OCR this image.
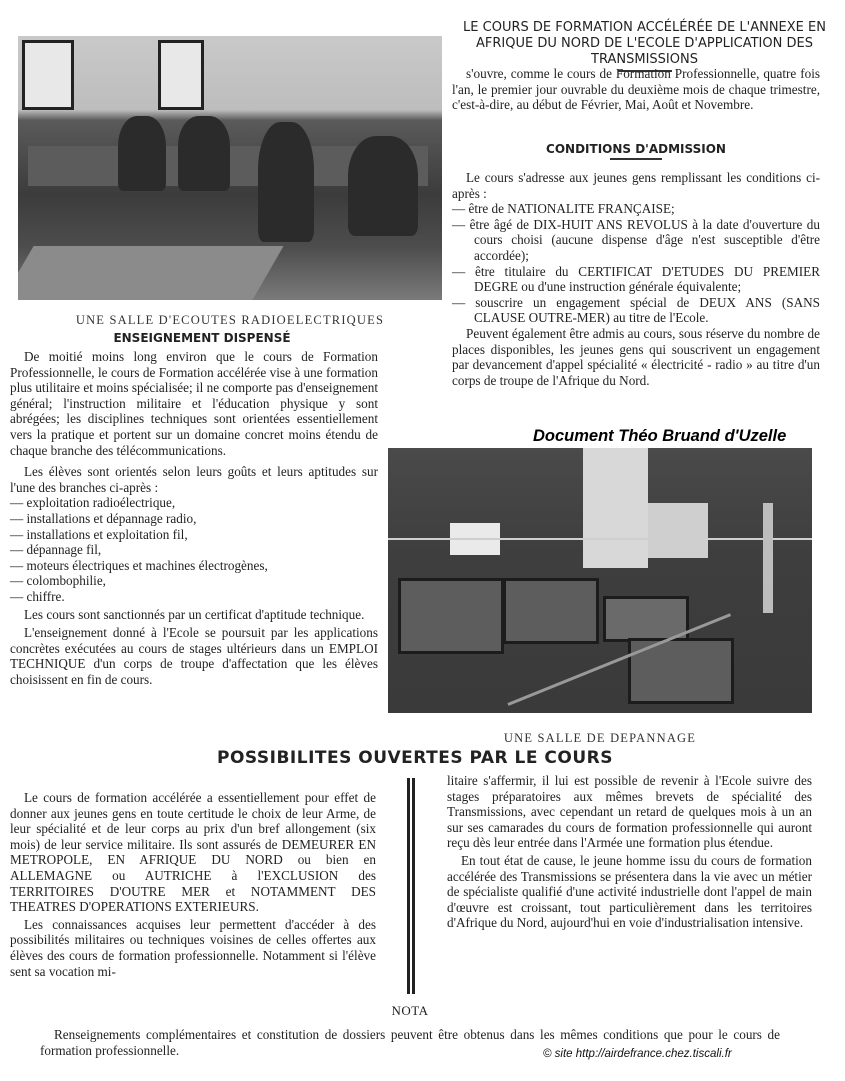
UNE SALLE D'ECOUTES RADIOELECTRIQUES
LE COURS DE FORMATION ACCÉLÉRÉE DE L'ANNEXE EN
AFRIQUE DU NORD DE L'ECOLE D'APPLICATION DES TRANSMISSIONS

s'ouvre, comme le cours de Formation Professionnelle, quatre fois l'an, le premier jour ouvrable du deuxième mois de chaque trimestre, c'est-à-dire, au début de Février, Mai, Août et Novembre.

CONDITIONS D'ADMISSION

Le cours s'adresse aux jeunes gens remplissant les conditions ci-après :

— être de NATIONALITE FRANÇAISE;
— être âgé de DIX-HUIT ANS REVOLUS à la date d'ouverture du cours choisi (aucune dispense d'âge n'est susceptible d'être accordée);
— être titulaire du CERTIFICAT D'ETUDES DU PREMIER DEGRE ou d'une instruction générale équivalente;
— souscrire un engagement spécial de DEUX ANS (SANS CLAUSE OUTRE-MER) au titre de l'Ecole.

Peuvent également être admis au cours, sous réserve du nombre de places disponibles, les jeunes gens qui souscrivent un engagement par devancement d'appel spécialité « électricité - radio » au titre d'un corps de troupe de l'Afrique du Nord.

Document Théo Bruand d'Uzelle
UNE SALLE DE DEPANNAGE
ENSEIGNEMENT DISPENSÉ

De moitié moins long environ que le cours de Formation Professionnelle, le cours de Formation accélérée vise à une formation plus utilitaire et moins spécialisée; il ne comporte pas d'enseignement général; l'instruction militaire et l'éducation physique y sont abrégées; les disciplines techniques sont orientées essentiellement vers la pratique et portent sur un domaine concret moins étendu de chaque branche des télécommunications.

Les élèves sont orientés selon leurs goûts et leurs aptitudes sur l'une des branches ci-après :

— exploitation radioélectrique,
— installations et dépannage radio,
— installations et exploitation fil,
— dépannage fil,
— moteurs électriques et machines électrogènes,
— colombophilie,
— chiffre.

Les cours sont sanctionnés par un certificat d'aptitude technique.

L'enseignement donné à l'Ecole se poursuit par les applications concrètes exécutées au cours de stages ultérieurs dans un EMPLOI TECHNIQUE d'un corps de troupe d'affectation que les élèves choisissent en fin de cours.

POSSIBILITES OUVERTES PAR LE COURS

Le cours de formation accélérée a essentiellement pour effet de donner aux jeunes gens en toute certitude le choix de leur Arme, de leur spécialité et de leur corps au prix d'un bref allongement (six mois) de leur service militaire. Ils sont assurés de DEMEURER EN METROPOLE, EN AFRIQUE DU NORD ou bien en ALLEMAGNE ou AUTRICHE à l'EXCLUSION des TERRITOIRES D'OUTRE MER et NOTAMMENT DES THEATRES D'OPERATIONS EXTERIEURS.

Les connaissances acquises leur permettent d'accéder à des possibilités militaires ou techniques voisines de celles offertes aux élèves des cours de formation professionnelle. Notamment si l'élève sent sa vocation mi-

litaire s'affermir, il lui est possible de revenir à l'Ecole suivre des stages préparatoires aux mêmes brevets de spécialité des Transmissions, avec cependant un retard de quelques mois à un an sur ses camarades du cours de formation professionnelle qui auront reçu dès leur entrée dans l'Armée une formation plus étendue.

En tout état de cause, le jeune homme issu du cours de formation accélérée des Transmissions se présentera dans la vie avec un métier de spécialiste qualifié d'une activité industrielle dont l'appel de main d'œuvre est croissant, tout particulièrement dans les territoires d'Afrique du Nord, aujourd'hui en voie d'industrialisation intensive.

NOTA

Renseignements complémentaires et constitution de dossiers peuvent être obtenus dans les mêmes conditions que pour le cours de formation professionnelle.	© site http://airdefrance.chez.tiscali.fr
